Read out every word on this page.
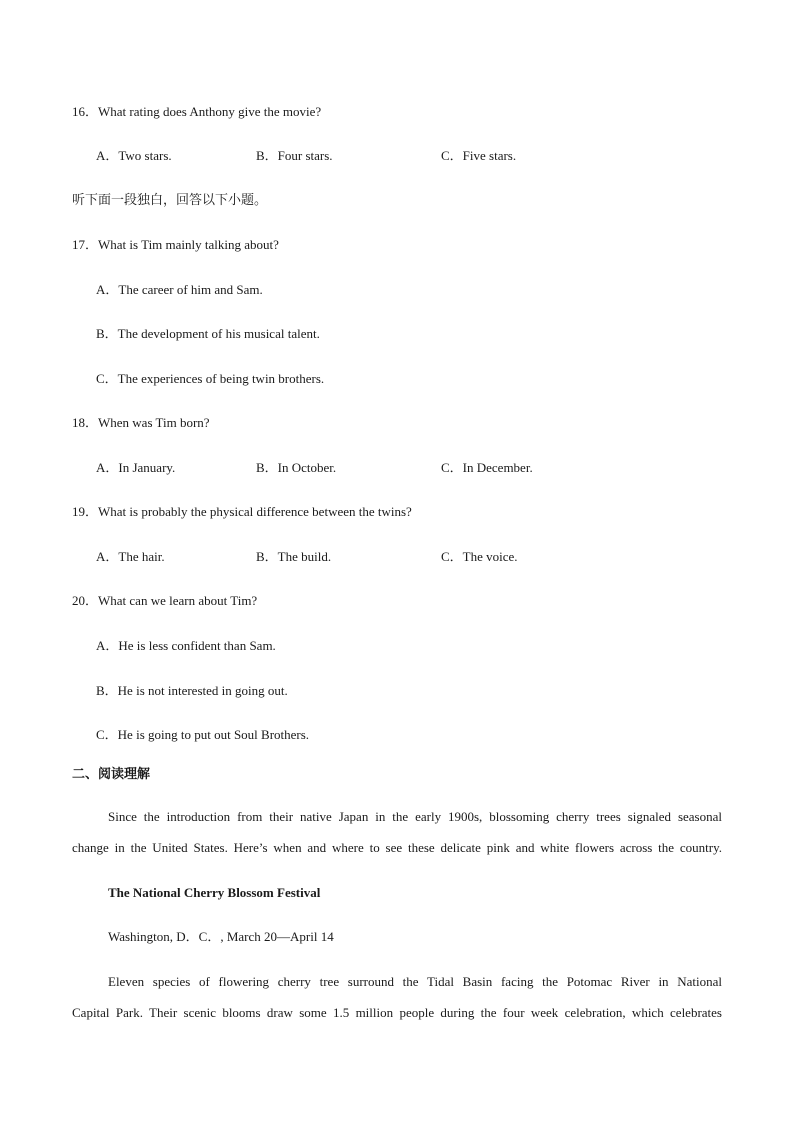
16．What rating does Anthony give the movie?
A．Two stars.	B．Four stars.	C．Five stars.
听下面一段独白，回答以下小题。
17．What is Tim mainly talking about?
A．The career of him and Sam.
B．The development of his musical talent.
C．The experiences of being twin brothers.
18．When was Tim born?
A．In January.	B．In October.	C．In December.
19．What is probably the physical difference between the twins?
A．The hair.	B．The build.	C．The voice.
20．What can we learn about Tim?
A．He is less confident than Sam.
B．He is not interested in going out.
C．He is going to put out Soul Brothers.
二、阅读理解
Since the introduction from their native Japan in the early 1900s, blossoming cherry trees signaled seasonal
change in the United States. Here’s when and where to see these delicate pink and white flowers across the country.
The National Cherry Blossom Festival
Washington, D．C．, March 20—April 14
Eleven species of flowering cherry tree surround the Tidal Basin facing the Potomac River in National
Capital Park. Their scenic blooms draw some 1.5 million people during the four week celebration, which celebrates
